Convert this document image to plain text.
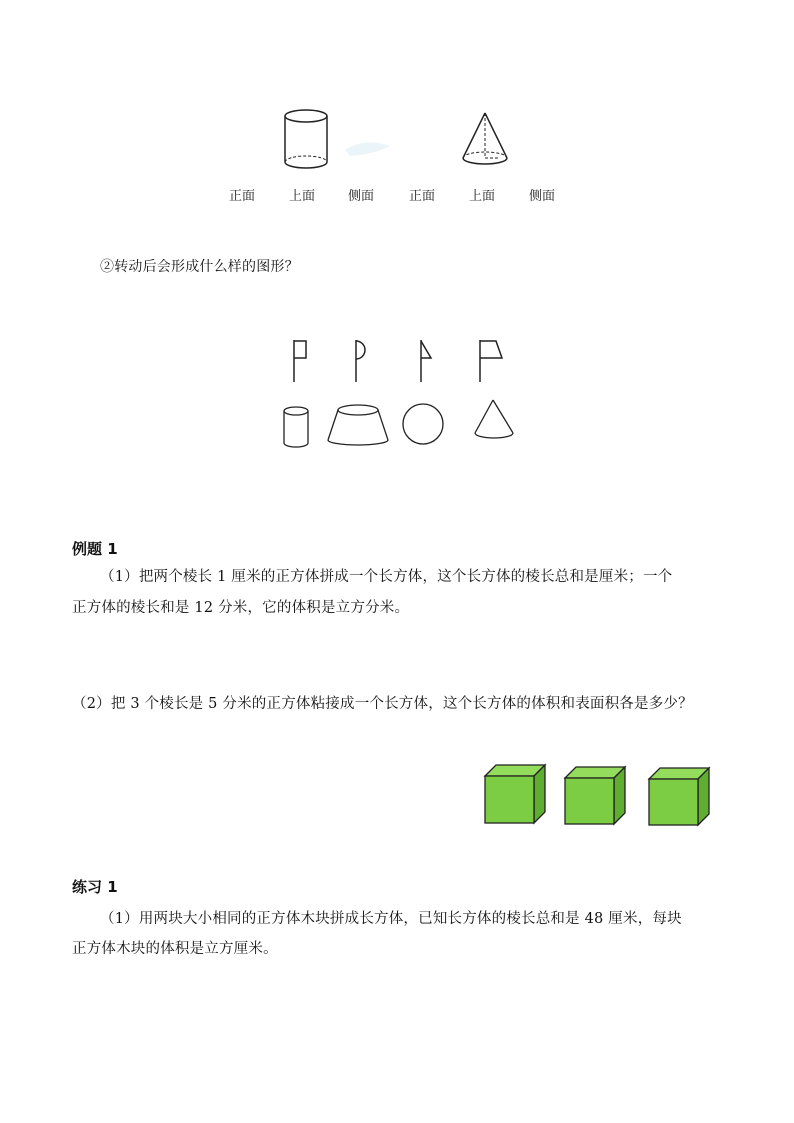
正面	上面	侧面	正面	上面	侧面
②转动后会形成什么样的图形？
例题 1
（1）把两个棱长 1 厘米的正方体拼成一个长方体，这个长方体的棱长总和是厘米；一个
正方体的棱长和是 12 分米，它的体积是立方分米。
（2）把 3 个棱长是 5 分米的正方体粘接成一个长方体，这个长方体的体积和表面积各是多少？
练习 1
（1）用两块大小相同的正方体木块拼成长方体，已知长方体的棱长总和是 48 厘米，每块
正方体木块的体积是立方厘米。
